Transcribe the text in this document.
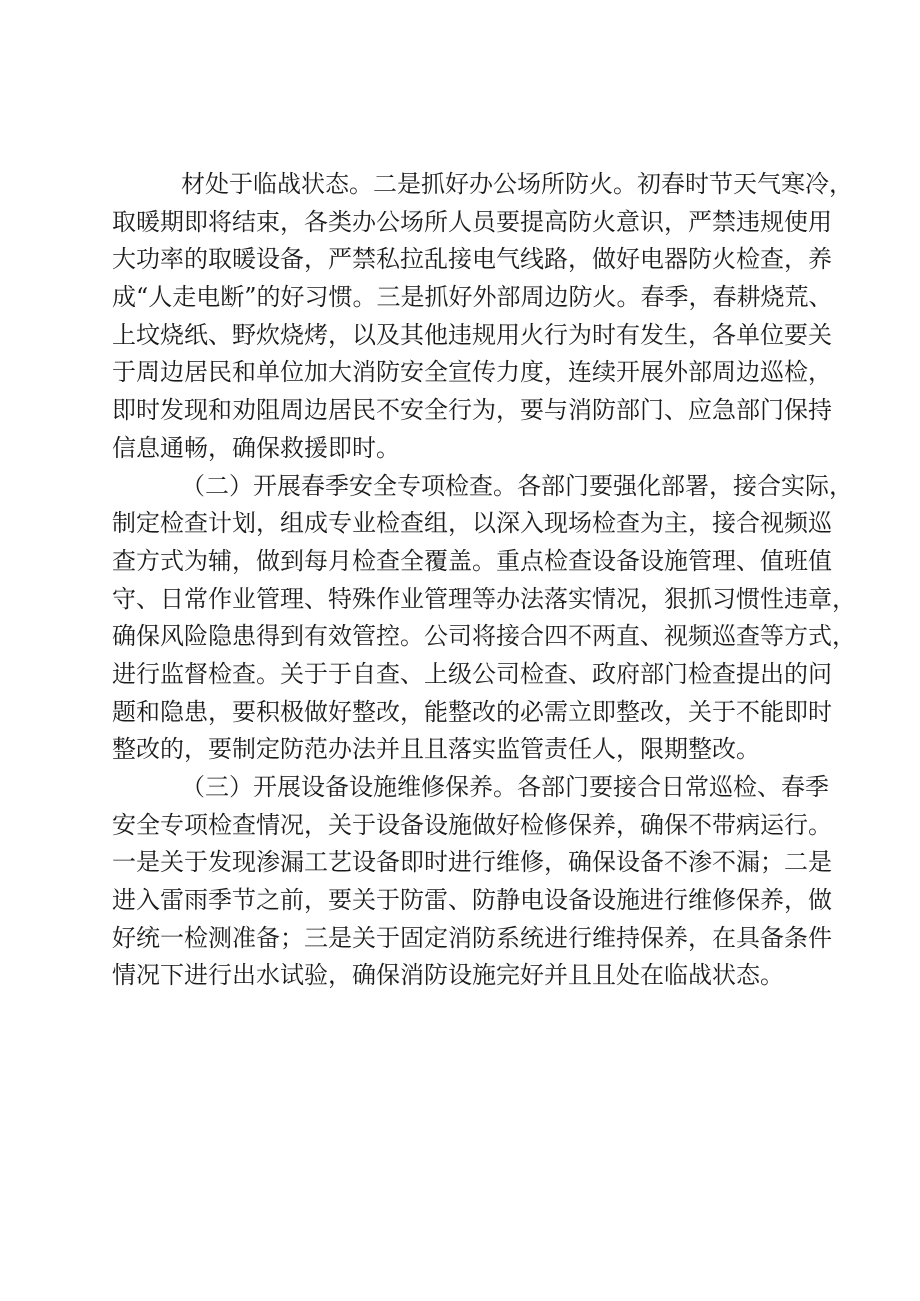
材处于临战状态。二是抓好办公场所防火。初春时节天气寒冷，
取暖期即将结束，各类办公场所人员要提高防火意识，严禁违规使用
大功率的取暖设备，严禁私拉乱接电气线路，做好电器防火检查，养
成“人走电断”的好习惯。三是抓好外部周边防火。春季，春耕烧荒、
上坟烧纸、野炊烧烤，以及其他违规用火行为时有发生，各单位要关
于周边居民和单位加大消防安全宣传力度，连续开展外部周边巡检，
即时发现和劝阻周边居民不安全行为，要与消防部门、应急部门保持
信息通畅，确保救援即时。
（二）开展春季安全专项检查。各部门要强化部署，接合实际，
制定检查计划，组成专业检查组，以深入现场检查为主，接合视频巡
查方式为辅，做到每月检查全覆盖。重点检查设备设施管理、值班值
守、日常作业管理、特殊作业管理等办法落实情况，狠抓习惯性违章，
确保风险隐患得到有效管控。公司将接合四不两直、视频巡查等方式，
进行监督检查。关于于自查、上级公司检查、政府部门检查提出的问
题和隐患，要积极做好整改，能整改的必需立即整改，关于不能即时
整改的，要制定防范办法并且且落实监管责任人，限期整改。
（三）开展设备设施维修保养。各部门要接合日常巡检、春季
安全专项检查情况，关于设备设施做好检修保养，确保不带病运行。
一是关于发现渗漏工艺设备即时进行维修，确保设备不渗不漏；二是
进入雷雨季节之前，要关于防雷、防静电设备设施进行维修保养，做
好统一检测准备；三是关于固定消防系统进行维持保养，在具备条件
情况下进行出水试验，确保消防设施完好并且且处在临战状态。
